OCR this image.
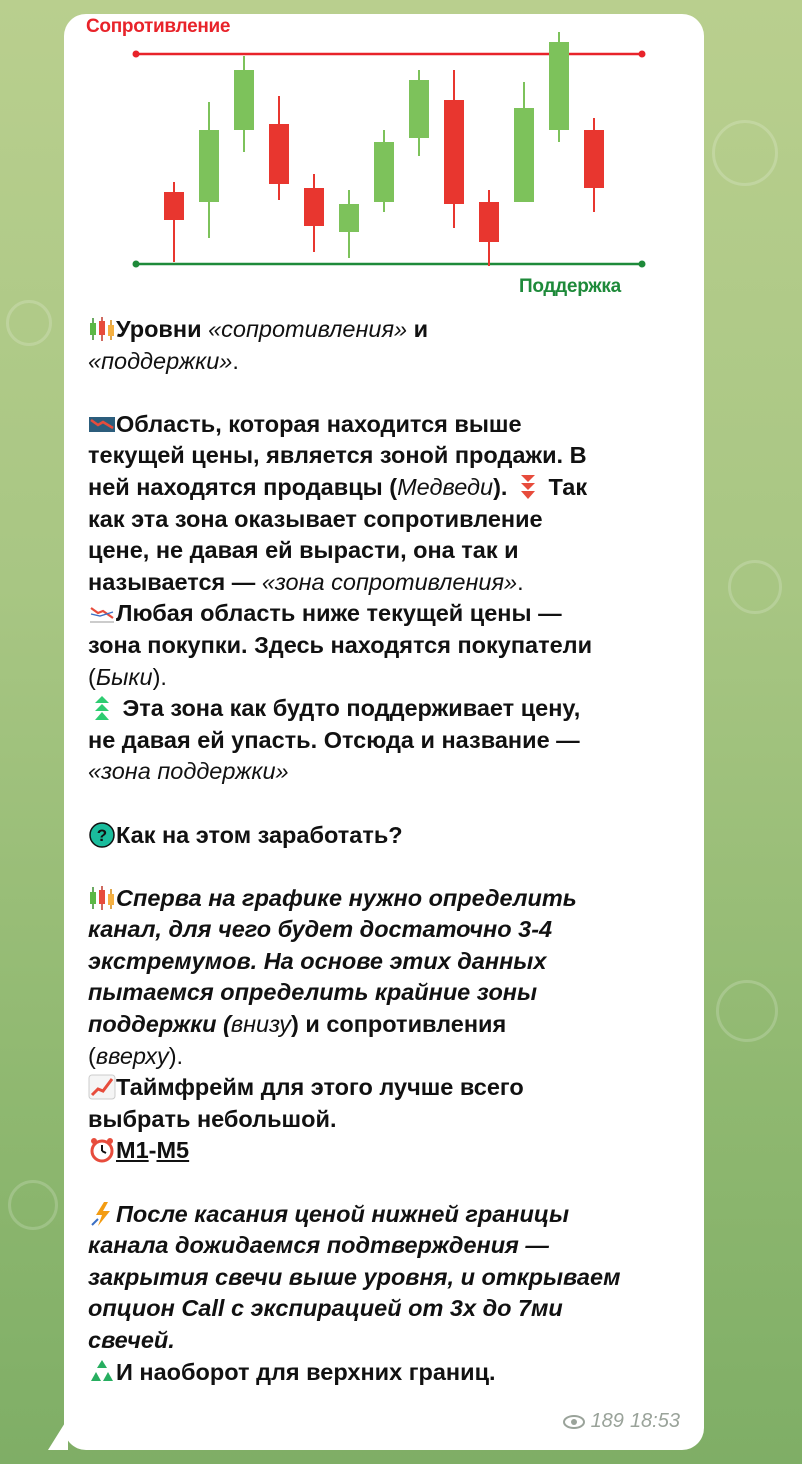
Сопротивление
Поддержка
Уровни «сопротивления» и
«поддержки».
Область, которая находится выше
текущей цены, является зоной продажи. В
ней находятся продавцы (Медведи).  Так
как эта зона оказывает сопротивление
цене, не давая ей вырасти, она так и
называется — «зона сопротивления».
Любая область ниже текущей цены —
зона покупки. Здесь находятся покупатели
(Быки).
Эта зона как будто поддерживает цену,
не давая ей упасть. Отсюда и название —
«зона поддержки»
? Как на этом заработать?
Сперва на графике нужно определить
канал, для чего будет достаточно 3-4
экстремумов. На основе этих данных
пытаемся определить крайние зоны
поддержки (внизу) и сопротивления
(вверху).
Таймфрейм для этого лучше всего
выбрать небольшой.
M1-M5
После касания ценой нижней границы
канала дожидаемся подтверждения —
закрытия свечи выше уровня, и открываем
опцион Call с экспирацией от 3х до 7ми
свечей.
И наоборот для верхних границ.
189 18:53
